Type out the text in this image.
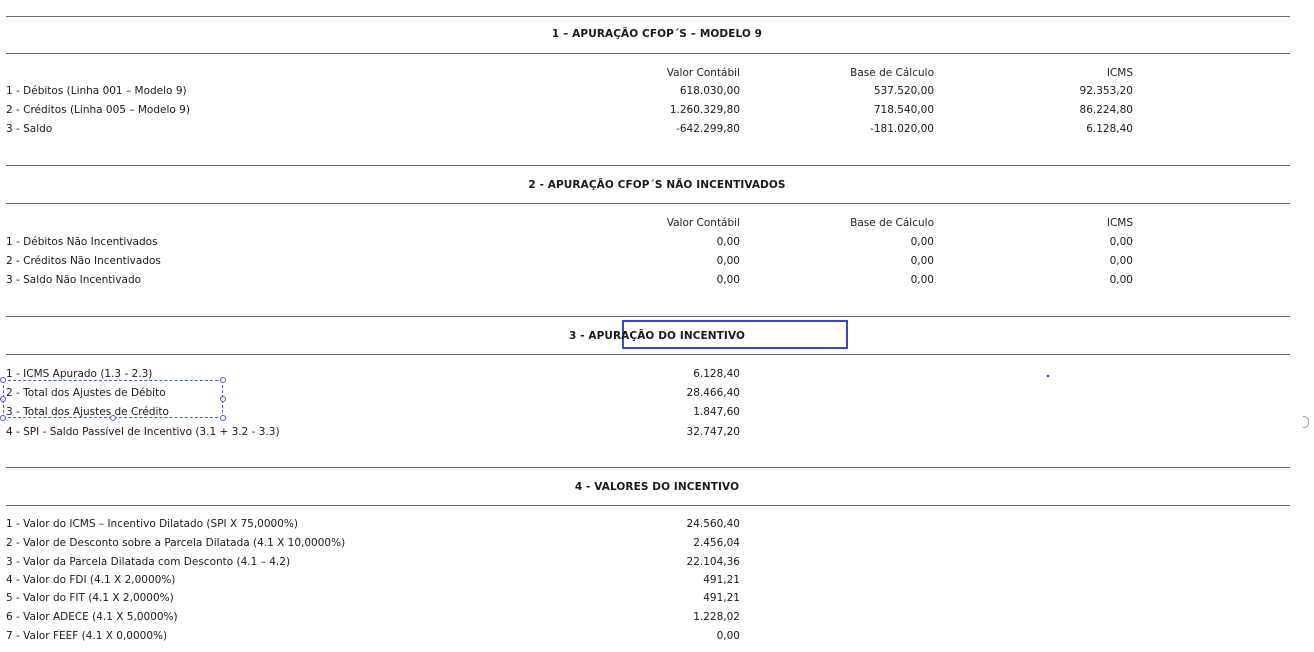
1 – APURAÇÃO CFOP´S – MODELO 9
Valor Contábil	Base de Cálculo	ICMS
1 - Débitos (Linha 001 – Modelo 9)	618.030,00	537.520,00	92.353,20
2 - Créditos (Linha 005 – Modelo 9)	1.260.329,80	718.540,00	86.224,80
3 - Saldo	-642.299,80	-181.020,00	6.128,40
2 - APURAÇÃO CFOP´S NÃO INCENTIVADOS
Valor Contábil	Base de Cálculo	ICMS
1 - Débitos Não Incentivados	0,00	0,00	0,00
2 - Créditos Não Incentivados	0,00	0,00	0,00
3 - Saldo Não Incentivado	0,00	0,00	0,00
3 - APURAÇÃO DO INCENTIVO
1 - ICMS Apurado (1.3 - 2.3)	6.128,40
2 - Total dos Ajustes de Débito	28.466,40
3 - Total dos Ajustes de Crédito	1.847,60
4 - SPI - Saldo Passível de Incentivo (3.1 + 3.2 - 3.3)	32.747,20
4 - VALORES DO INCENTIVO
1 - Valor do ICMS – Incentivo Dilatado (SPI X 75,0000%)	24.560,40
2 - Valor de Desconto sobre a Parcela Dilatada (4.1 X 10,0000%)	2.456,04
3 - Valor da Parcela Dilatada com Desconto (4.1 – 4.2)	22.104,36
4 - Valor do FDI (4.1 X 2,0000%)	491,21
5 - Valor do FIT (4.1 X 2,0000%)	491,21
6 - Valor ADECE (4.1 X 5,0000%)	1.228,02
7 - Valor FEEF (4.1 X 0,0000%)	0,00
